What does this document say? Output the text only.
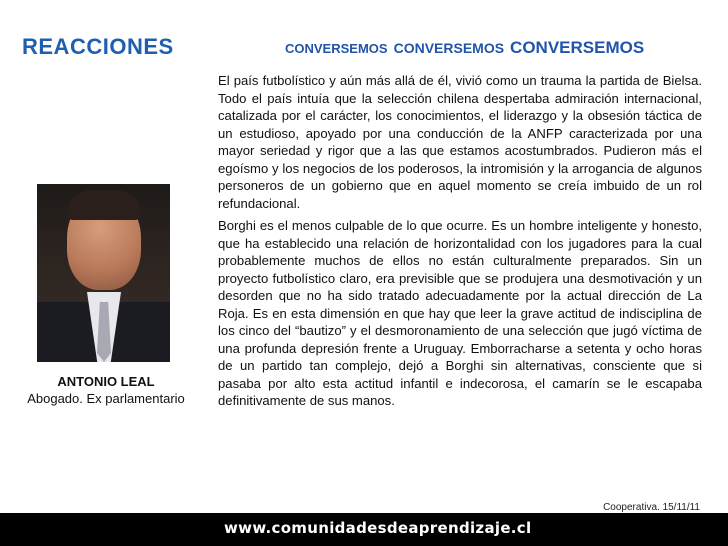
REACCIONES	CONVERSEMOS CONVERSEMOS CONVERSEMOS
ANTONIO LEAL
Abogado. Ex parlamentario

El país futbolístico y aún más allá de él, vivió como un trauma la partida de Bielsa. Todo el país intuía que la selección chilena despertaba admiración internacional, catalizada por el carácter, los conocimientos, el liderazgo y la obsesión táctica de un estudioso, apoyado por una conducción de la ANFP caracterizada por una mayor seriedad y rigor que a las que estamos acostumbrados. Pudieron más el egoísmo y los negocios de los poderosos, la intromisión y la arrogancia de algunos personeros de un gobierno que en aquel momento se creía imbuido de un rol refundacional.

Borghi es el menos culpable de lo que ocurre. Es un hombre inteligente y honesto, que ha establecido una relación de horizontalidad con los jugadores para la cual probablemente muchos de ellos no están culturalmente preparados. Sin un proyecto futbolístico claro, era previsible que se produjera una desmotivación y un desorden que no ha sido tratado adecuadamente por la actual dirección de La Roja. Es en esta dimensión en que hay que leer la grave actitud de indisciplina de los cinco del “bautizo” y el desmoronamiento de una selección que jugó víctima de una profunda depresión frente a Uruguay. Emborracharse a setenta y ocho horas de un partido tan complejo, dejó a Borghi sin alternativas, consciente que si pasaba por alto esta actitud infantil e indecorosa, el camarín se le escapaba definitivamente de sus manos.

Cooperativa. 15/11/11
www.comunidadesdeaprendizaje.cl
